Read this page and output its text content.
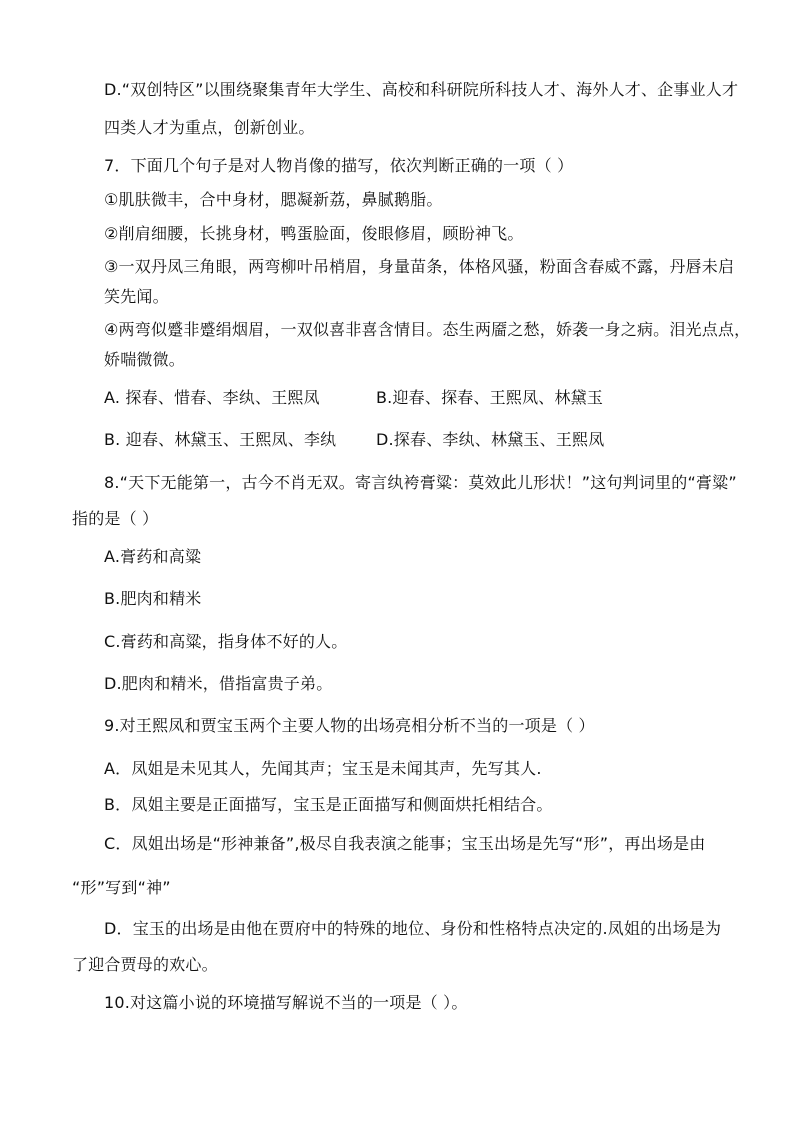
D.“双创特区”以围绕聚集青年大学生、高校和科研院所科技人才、海外人才、企事业人才
四类人才为重点，创新创业。
7．下面几个句子是对人物肖像的描写，依次判断正确的一项（ ）
①肌肤微丰，合中身材，腮凝新荔，鼻腻鹅脂。
②削肩细腰，长挑身材，鸭蛋脸面，俊眼修眉，顾盼神飞。
③一双丹凤三角眼，两弯柳叶吊梢眉，身量苗条，体格风骚，粉面含春威不露，丹唇未启
笑先闻。
④两弯似蹙非蹙绢烟眉，一双似喜非喜含情目。态生两靥之愁，娇袭一身之病。泪光点点，
娇喘微微。
A. 探春、惜春、李纨、王熙凤	B.迎春、探春、王熙凤、林黛玉
B. 迎春、林黛玉、王熙凤、李纨 D.探春、李纨、林黛玉、王熙凤
8.“天下无能第一，古今不肖无双。寄言纨袴膏粱：莫效此儿形状！”这句判词里的“膏粱”
指的是（ ）
A.膏药和高粱
B.肥肉和精米
C.膏药和高粱，指身体不好的人。
D.肥肉和精米，借指富贵子弟。
9.对王熙凤和贾宝玉两个主要人物的出场亮相分析不当的一项是（ ）
A．凤姐是未见其人，先闻其声；宝玉是未闻其声，先写其人.
B．凤姐主要是正面描写，宝玉是正面描写和侧面烘托相结合。
C．凤姐出场是“形神兼备”,极尽自我表演之能事；宝玉出场是先写“形”，再出场是由
“形”写到“神”
D．宝玉的出场是由他在贾府中的特殊的地位、身份和性格特点决定的.凤姐的出场是为
了迎合贾母的欢心。
10.对这篇小说的环境描写解说不当的一项是（ ）。
